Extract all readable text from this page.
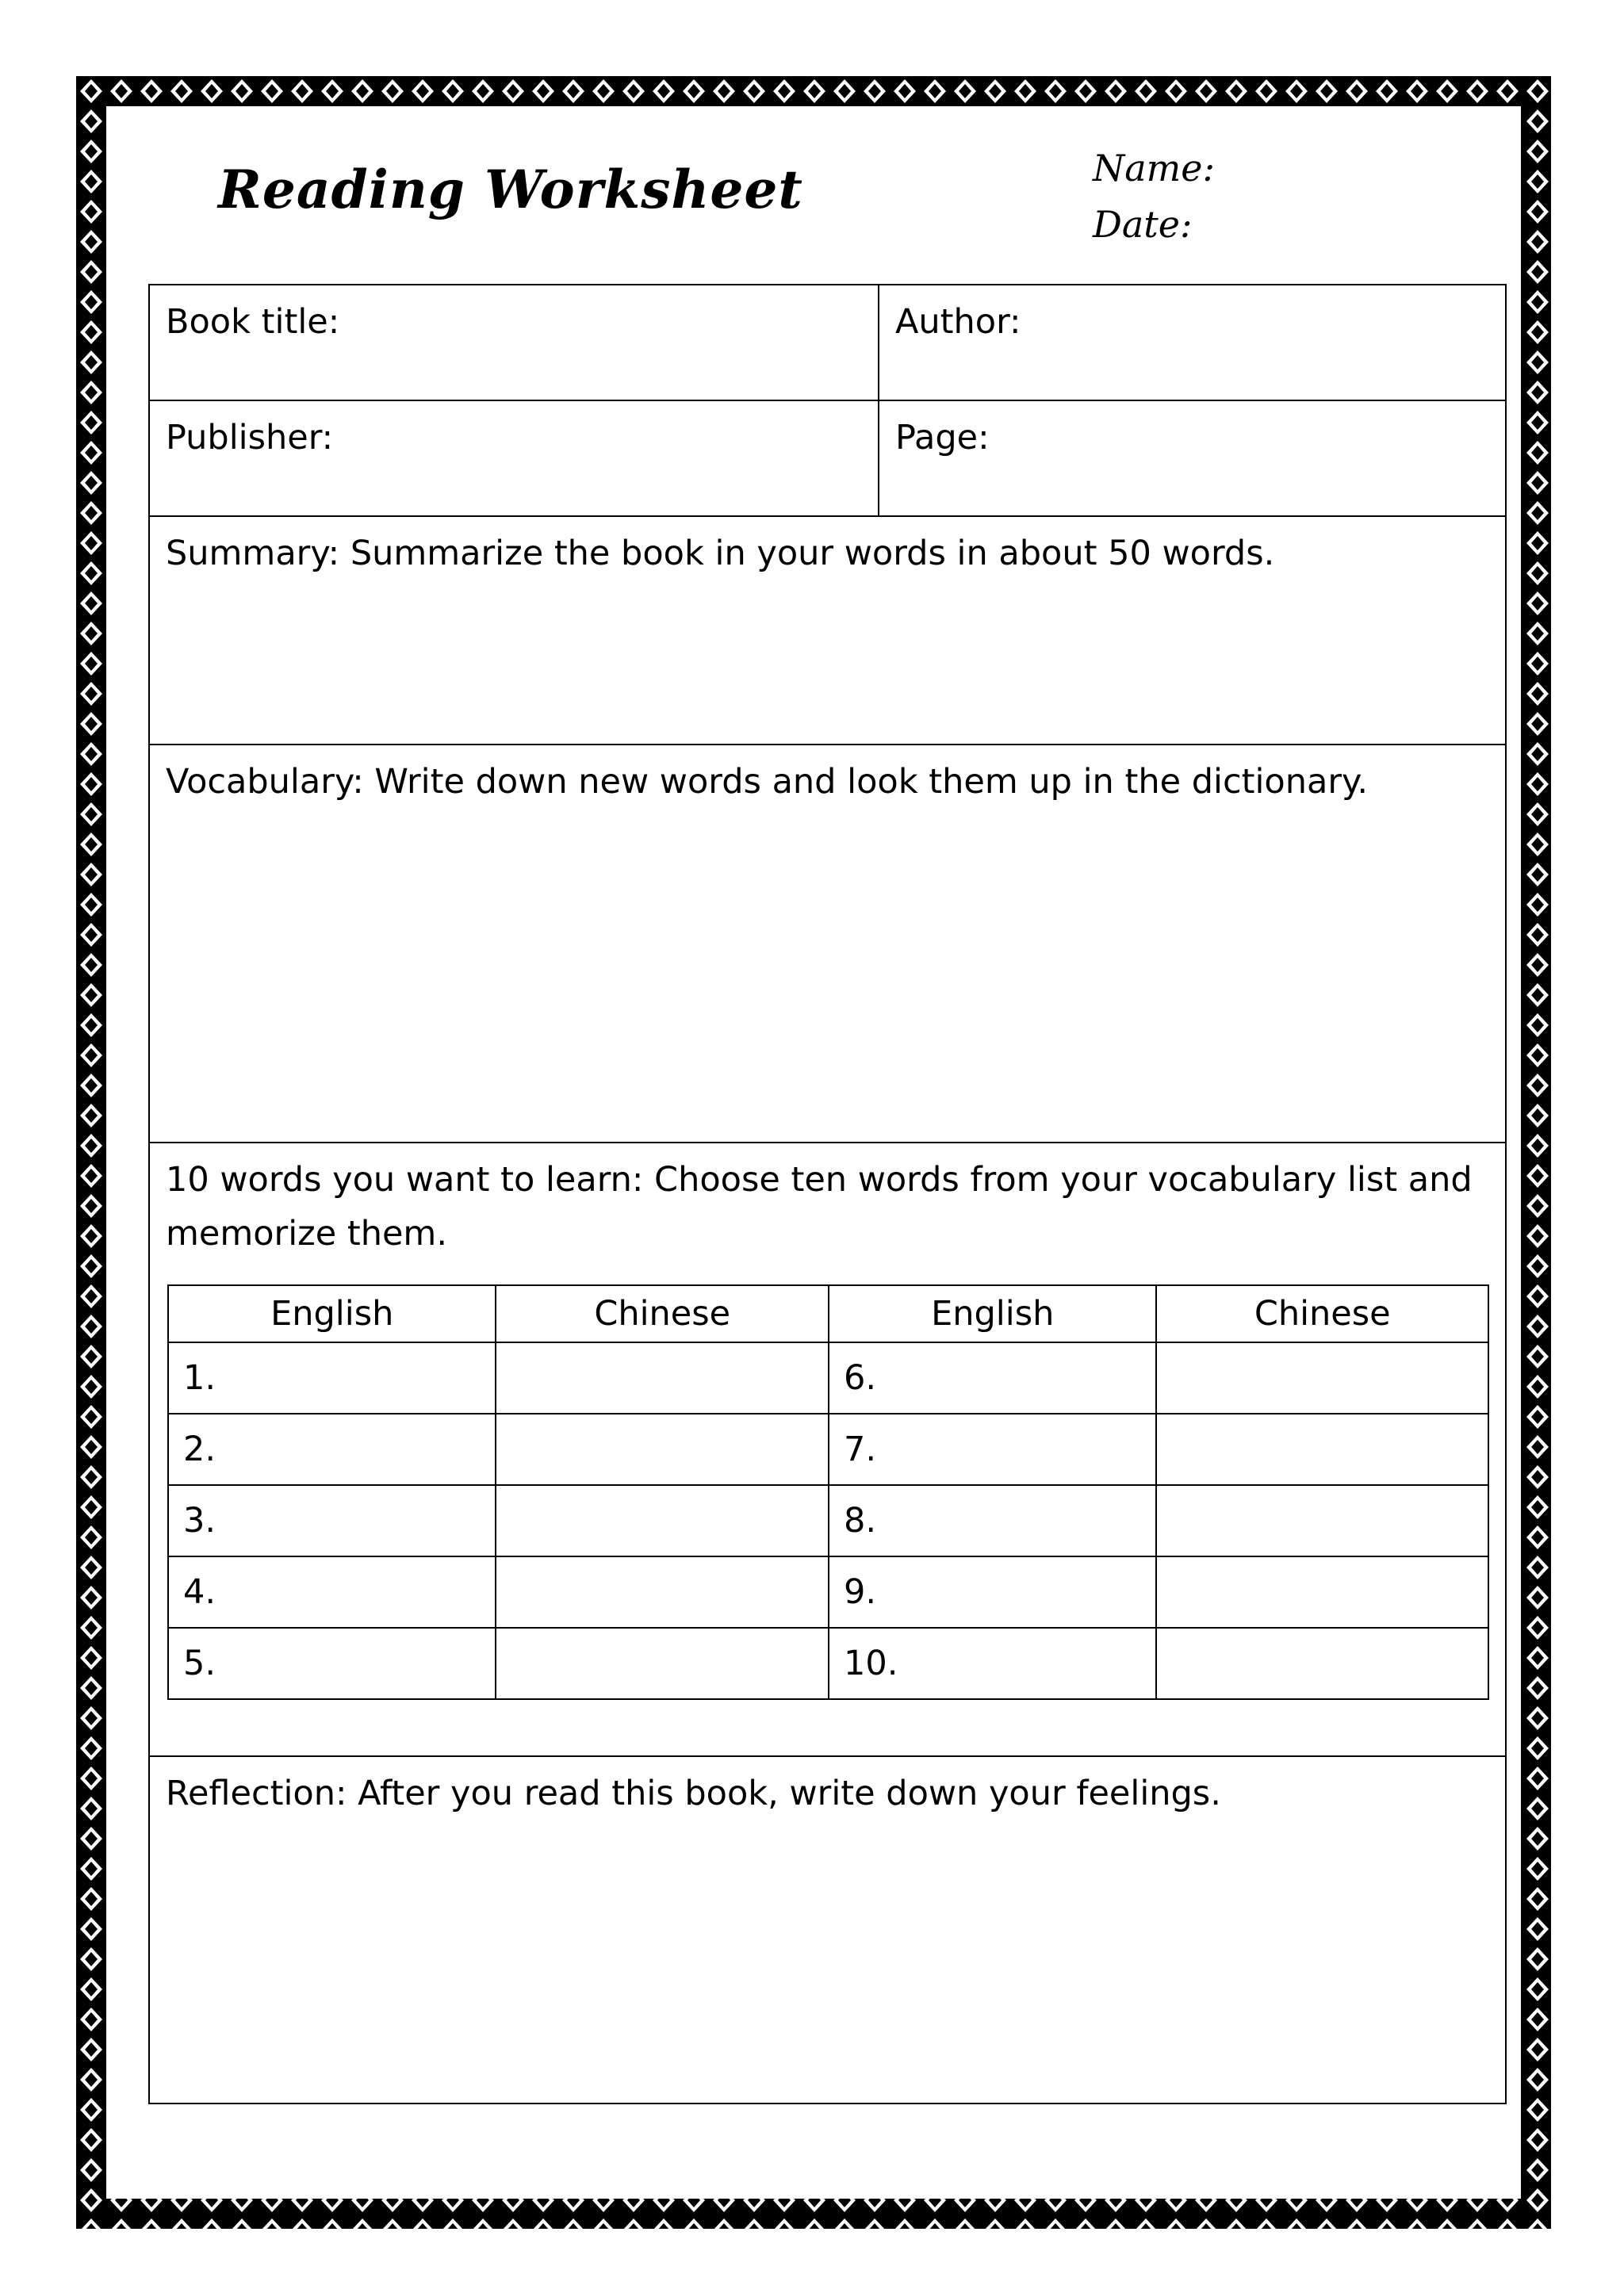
Reading Worksheet	Name:
Date:
Book title:	Author:
Publisher:	Page:
Summary: Summarize the book in your words in about 50 words.
Vocabulary: Write down new words and look them up in the dictionary.
10 words you want to learn: Choose ten words from your vocabulary list and memorize them.
English	Chinese	English	Chinese
1.		6.	
2.		7.	
3.		8.	
4.		9.	
5.		10.	
Reflection: After you read this book, write down your feelings.
